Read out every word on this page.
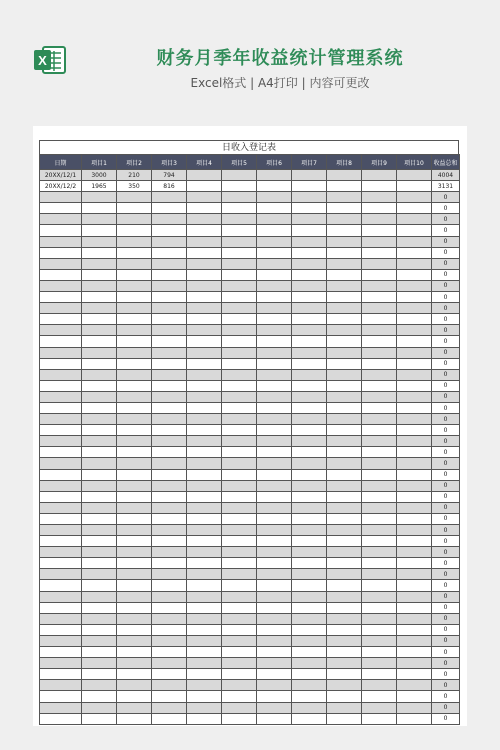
X	财务月季年收益统计管理系统
Excel格式 | A4打印 | 内容可更改
日收入登记表
日期	项目1	项目2	项目3	项目4	项目5	项目6	项目7	项目8	项目9	项目10	收益总和
20XX/12/1	3000	210	794								4004
20XX/12/2	1965	350	816								3131
											0
											0
											0
											0
											0
											0
											0
											0
											0
											0
											0
											0
											0
											0
											0
											0
											0
											0
											0
											0
											0
											0
											0
											0
											0
											0
											0
											0
											0
											0
											0
											0
											0
											0
											0
											0
											0
											0
											0
											0
											0
											0
											0
											0
											0
											0
											0
											0
